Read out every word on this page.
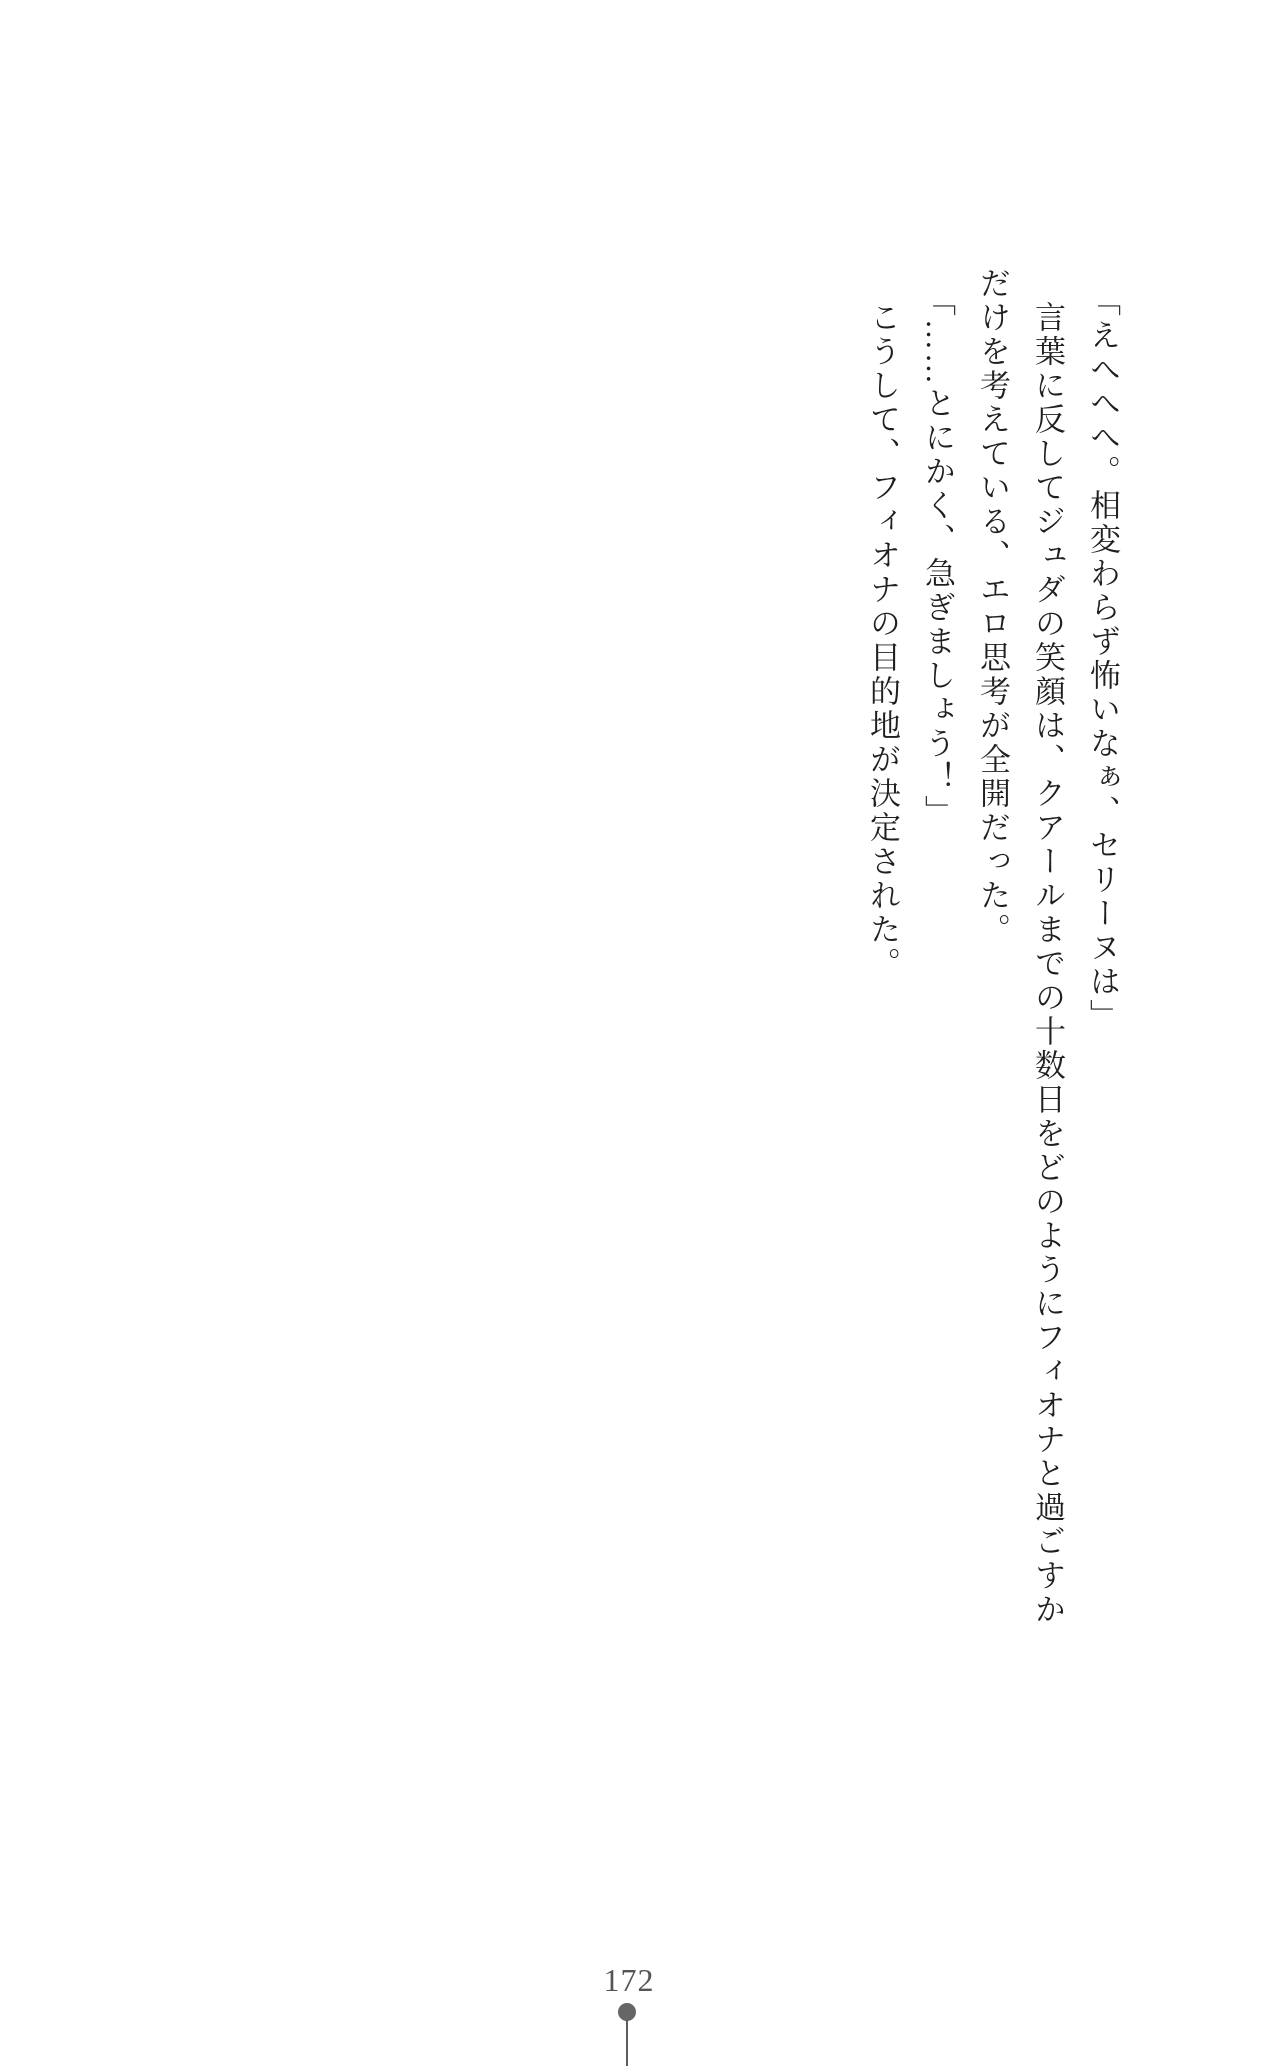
「えへへへ。相変わらず怖いなぁ、セリーヌは」

言葉に反してジュダの笑顔は、クアールまでの十数日をどのようにフィオナと過ごすか

だけを考えている、エロ思考が全開だった。

「……とにかく、急ぎましょう！」

こうして、フィオナの目的地が決定された。

172
